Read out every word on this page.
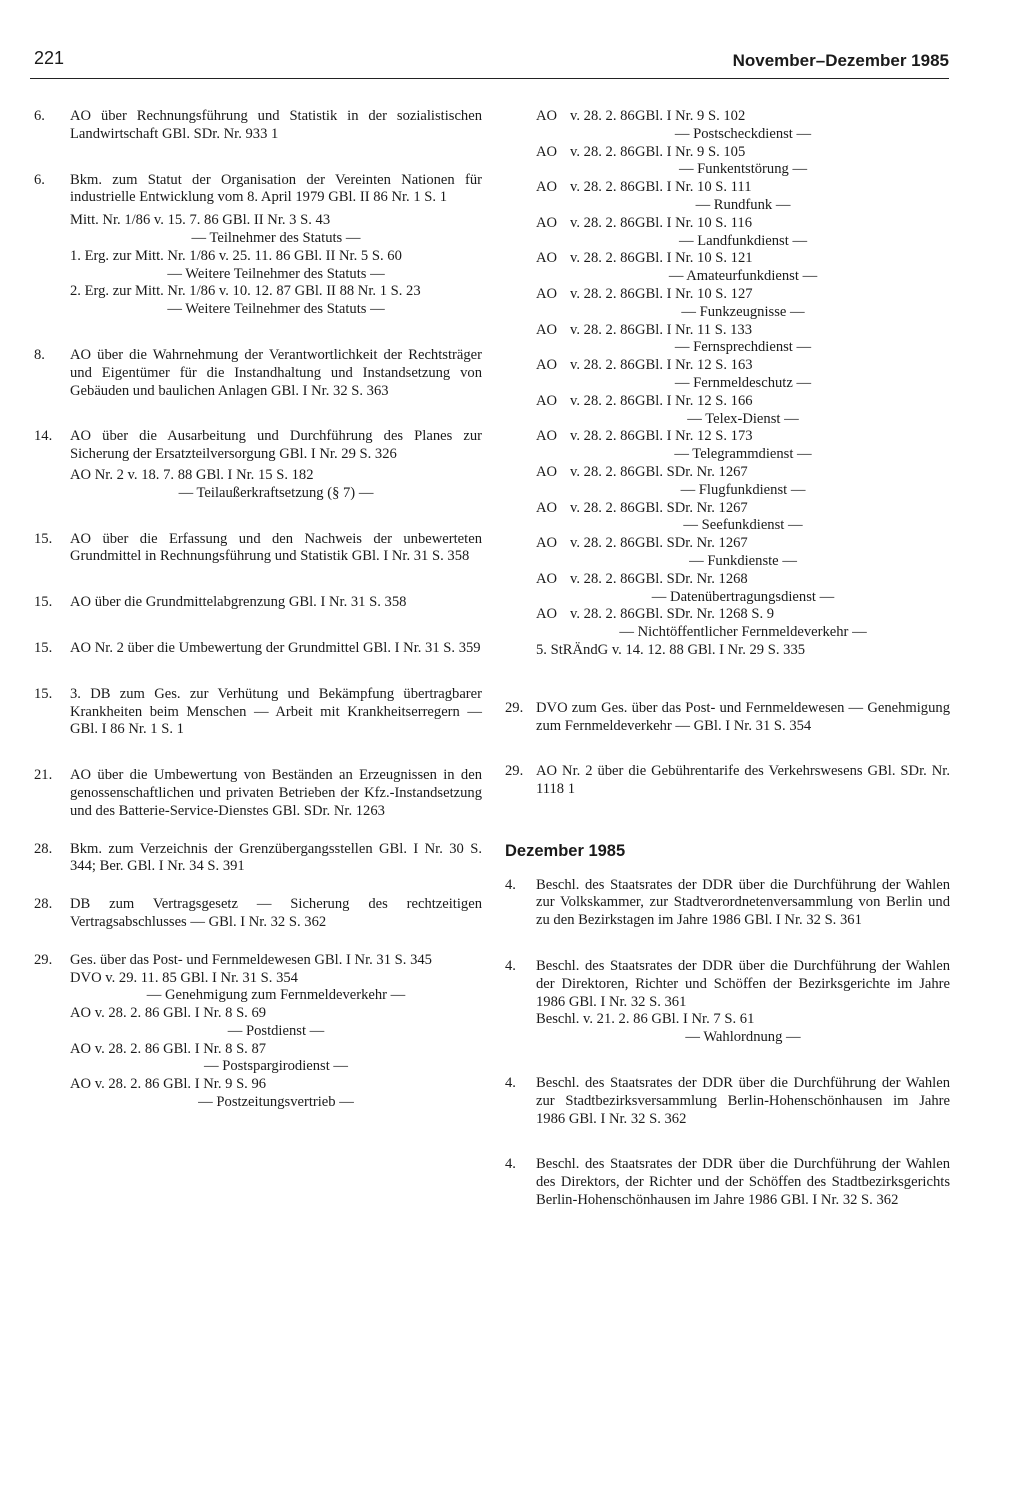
221	November–Dezember 1985
6.	AO über Rechnungsführung und Statistik in der sozialistischen Landwirtschaft GBl. SDr. Nr. 933 1
6.	Bkm. zum Statut der Organisation der Vereinten Nationen für industrielle Entwicklung vom 8. April 1979 GBl. II 86 Nr. 1 S. 1
Mitt. Nr. 1/86 v. 15. 7. 86 GBl. II Nr. 3 S. 43
— Teilnehmer des Statuts —
1. Erg. zur Mitt. Nr. 1/86 v. 25. 11. 86 GBl. II Nr. 5 S. 60
— Weitere Teilnehmer des Statuts —
2. Erg. zur Mitt. Nr. 1/86 v. 10. 12. 87 GBl. II 88 Nr. 1 S. 23
— Weitere Teilnehmer des Statuts —
8.	AO über die Wahrnehmung der Verantwortlichkeit der Rechtsträger und Eigentümer für die Instandhaltung und Instandsetzung von Gebäuden und baulichen Anlagen GBl. I Nr. 32 S. 363
14.	AO über die Ausarbeitung und Durchführung des Planes zur Sicherung der Ersatzteilversorgung GBl. I Nr. 29 S. 326
AO Nr. 2 v. 18. 7. 88 GBl. I Nr. 15 S. 182
— Teilaußerkraftsetzung (§ 7) —
15.	AO über die Erfassung und den Nachweis der unbewerteten Grundmittel in Rechnungsführung und Statistik GBl. I Nr. 31 S. 358
15.	AO über die Grundmittelabgrenzung GBl. I Nr. 31 S. 358
15.	AO Nr. 2 über die Umbewertung der Grundmittel GBl. I Nr. 31 S. 359
15.	3. DB zum Ges. zur Verhütung und Bekämpfung übertragbarer Krankheiten beim Menschen — Arbeit mit Krankheitserregern — GBl. I 86 Nr. 1 S. 1
21.	AO über die Umbewertung von Beständen an Erzeugnissen in den genossenschaftlichen und privaten Betrieben der Kfz.-Instandsetzung und des Batterie-Service-Dienstes GBl. SDr. Nr. 1263
28.	Bkm. zum Verzeichnis der Grenzübergangsstellen GBl. I Nr. 30 S. 344; Ber. GBl. I Nr. 34 S. 391
28.	DB zum Vertragsgesetz — Sicherung des rechtzeitigen Vertragsabschlusses — GBl. I Nr. 32 S. 362
29.	Ges. über das Post- und Fernmeldewesen GBl. I Nr. 31 S. 345
DVO v. 29. 11. 85 GBl. I Nr. 31 S. 354
— Genehmigung zum Fernmeldeverkehr —
AO v. 28. 2. 86 GBl. I Nr. 8 S. 69
— Postdienst —
AO v. 28. 2. 86 GBl. I Nr. 8 S. 87
— Postspargirodienst —
AO v. 28. 2. 86 GBl. I Nr. 9 S. 96
— Postzeitungsvertrieb —
AO v. 28. 2. 86 GBl. I Nr. 9 S. 102
— Postscheckdienst —
AO v. 28. 2. 86 GBl. I Nr. 9 S. 105
— Funkentstörung —
AO v. 28. 2. 86 GBl. I Nr. 10 S. 111
— Rundfunk —
AO v. 28. 2. 86 GBl. I Nr. 10 S. 116
— Landfunkdienst —
AO v. 28. 2. 86 GBl. I Nr. 10 S. 121
— Amateurfunkdienst —
AO v. 28. 2. 86 GBl. I Nr. 10 S. 127
— Funkzeugnisse —
AO v. 28. 2. 86 GBl. I Nr. 11 S. 133
— Fernsprechdienst —
AO v. 28. 2. 86 GBl. I Nr. 12 S. 163
— Fernmeldeschutz —
AO v. 28. 2. 86 GBl. I Nr. 12 S. 166
— Telex-Dienst —
AO v. 28. 2. 86 GBl. I Nr. 12 S. 173
— Telegrammdienst —
AO v. 28. 2. 86 GBl. SDr. Nr. 1267
— Flugfunkdienst —
AO v. 28. 2. 86 GBl. SDr. Nr. 1267
— Seefunkdienst —
AO v. 28. 2. 86 GBl. SDr. Nr. 1267
— Funkdienste —
AO v. 28. 2. 86 GBl. SDr. Nr. 1268
— Datenübertragungsdienst —
AO v. 28. 2. 86 GBl. SDr. Nr. 1268 S. 9
— Nichtöffentlicher Fernmeldeverkehr —
5. StRÄndG v. 14. 12. 88 GBl. I Nr. 29 S. 335
29. DVO zum Ges. über das Post- und Fernmeldewesen — Genehmigung zum Fernmeldeverkehr — GBl. I Nr. 31 S. 354
29. AO Nr. 2 über die Gebührentarife des Verkehrswesens GBl. SDr. Nr. 1118 1
Dezember 1985
4.	Beschl. des Staatsrates der DDR über die Durchführung der Wahlen zur Volkskammer, zur Stadtverordnetenversammlung von Berlin und zu den Bezirkstagen im Jahre 1986 GBl. I Nr. 32 S. 361
4.	Beschl. des Staatsrates der DDR über die Durchführung der Wahlen der Direktoren, Richter und Schöffen der Bezirksgerichte im Jahre 1986 GBl. I Nr. 32 S. 361
Beschl. v. 21. 2. 86 GBl. I Nr. 7 S. 61
— Wahlordnung —
4.	Beschl. des Staatsrates der DDR über die Durchführung der Wahlen zur Stadtbezirksversammlung Berlin-Hohenschönhausen im Jahre 1986 GBl. I Nr. 32 S. 362
4.	Beschl. des Staatsrates der DDR über die Durchführung der Wahlen des Direktors, der Richter und der Schöffen des Stadtbezirksgerichts Berlin-Hohenschönhausen im Jahre 1986 GBl. I Nr. 32 S. 362
